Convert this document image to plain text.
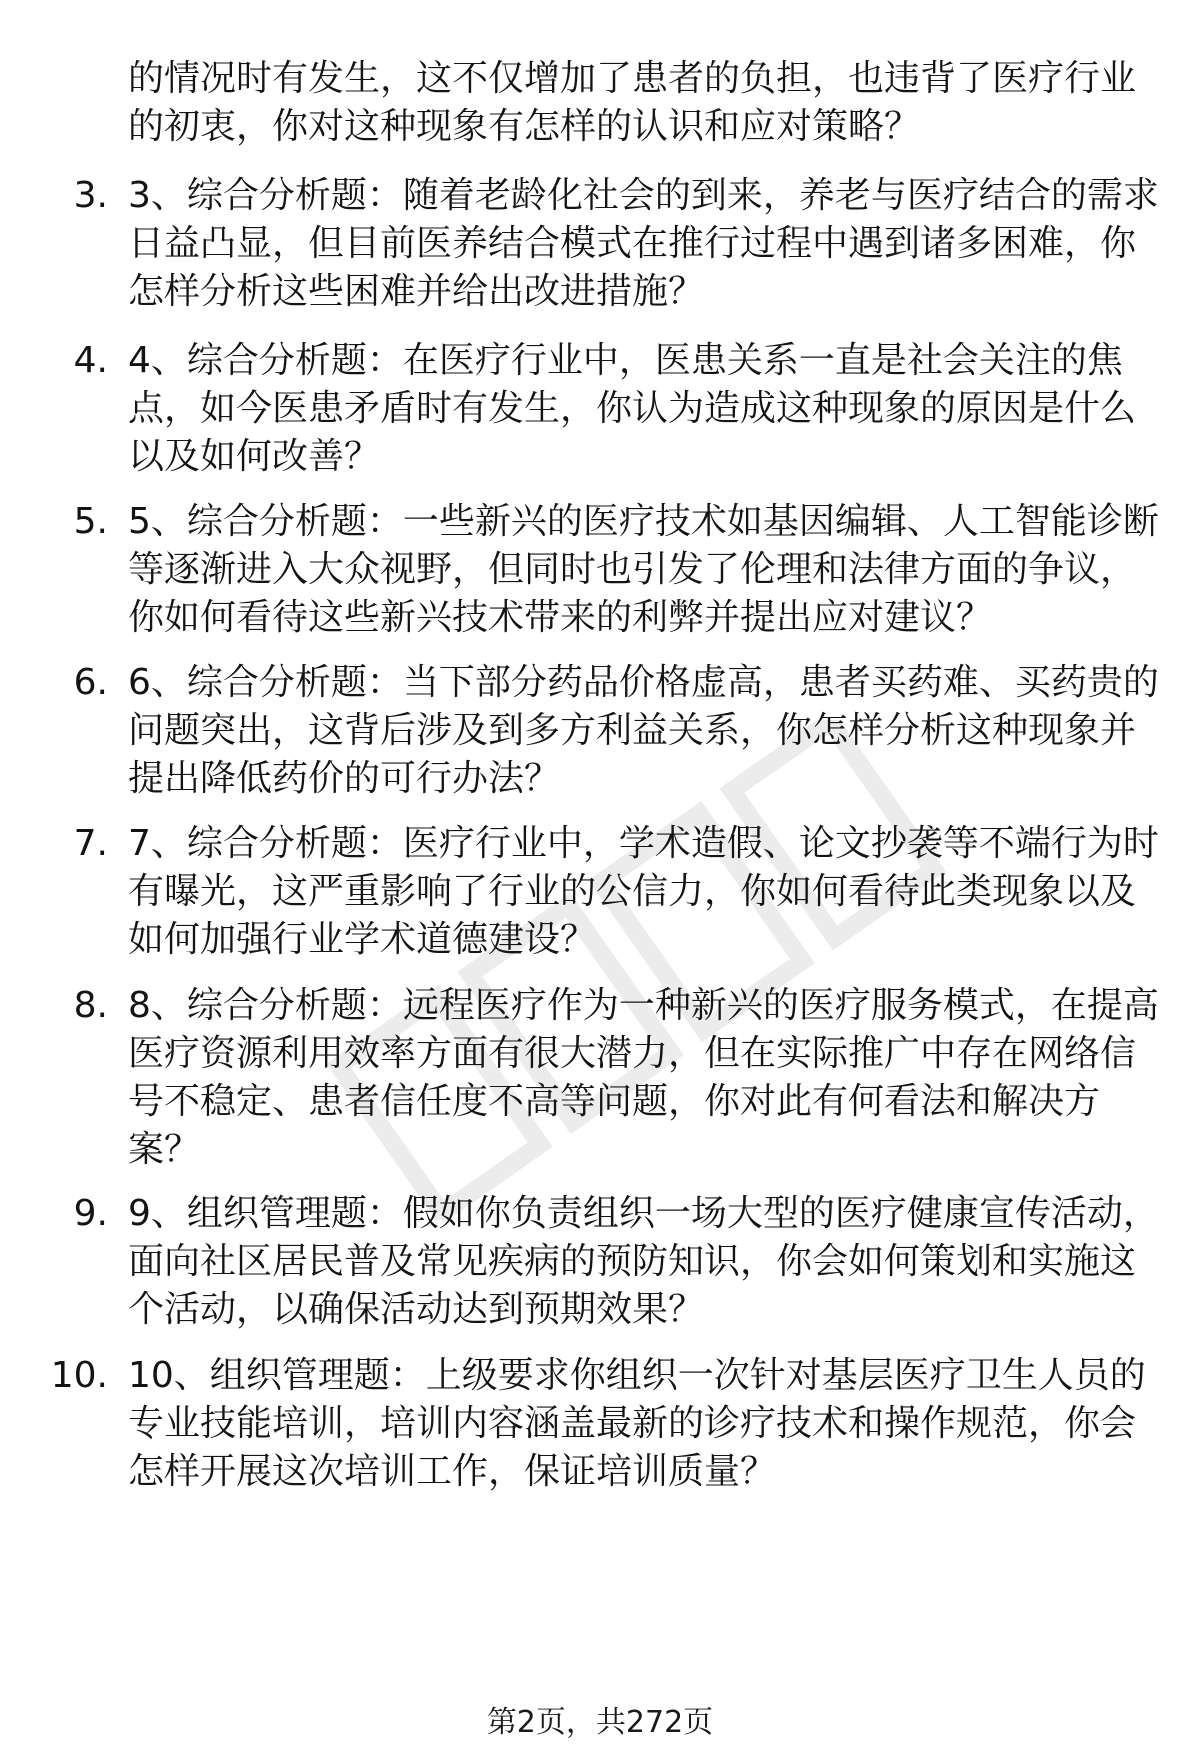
的情况时有发生，这不仅增加了患者的负担，也违背了医疗行业
的初衷，你对这种现象有怎样的认识和应对策略？
3. 3、综合分析题：随着老龄化社会的到来，养老与医疗结合的需求
日益凸显，但目前医养结合模式在推行过程中遇到诸多困难，你
怎样分析这些困难并给出改进措施？
4. 4、综合分析题：在医疗行业中，医患关系一直是社会关注的焦
点，如今医患矛盾时有发生，你认为造成这种现象的原因是什么
以及如何改善？
5. 5、综合分析题：一些新兴的医疗技术如基因编辑、人工智能诊断
等逐渐进入大众视野，但同时也引发了伦理和法律方面的争议，
你如何看待这些新兴技术带来的利弊并提出应对建议？
6. 6、综合分析题：当下部分药品价格虚高，患者买药难、买药贵的
问题突出，这背后涉及到多方利益关系，你怎样分析这种现象并
提出降低药价的可行办法？
7. 7、综合分析题：医疗行业中，学术造假、论文抄袭等不端行为时
有曝光，这严重影响了行业的公信力，你如何看待此类现象以及
如何加强行业学术道德建设？
8. 8、综合分析题：远程医疗作为一种新兴的医疗服务模式，在提高
医疗资源利用效率方面有很大潜力，但在实际推广中存在网络信
号不稳定、患者信任度不高等问题，你对此有何看法和解决方
案？
9. 9、组织管理题：假如你负责组织一场大型的医疗健康宣传活动，
面向社区居民普及常见疾病的预防知识，你会如何策划和实施这
个活动，以确保活动达到预期效果？
10. 10、组织管理题：上级要求你组织一次针对基层医疗卫生人员的
专业技能培训，培训内容涵盖最新的诊疗技术和操作规范，你会
怎样开展这次培训工作，保证培训质量？
第2页，共272页
